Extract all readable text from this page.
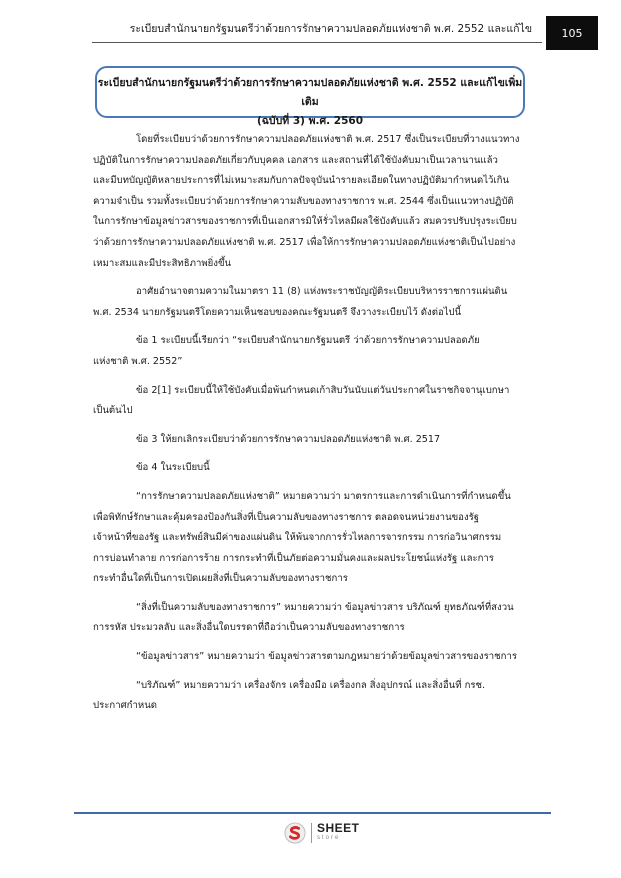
ระเบียบสำนักนายกรัฐมนตรีว่าด้วยการรักษาความปลอดภัยแห่งชาติ พ.ศ. 2552 และแก้ไข	105
ระเบียบสำนักนายกรัฐมนตรีว่าด้วยการรักษาความปลอดภัยแห่งชาติ พ.ศ. 2552 และแก้ไขเพิ่มเติม
(ฉบับที่ 3) พ.ศ. 2560

โดยที่ระเบียบว่าด้วยการรักษาความปลอดภัยแห่งชาติ พ.ศ. 2517 ซึ่งเป็นระเบียบที่วางแนวทาง
ปฏิบัติในการรักษาความปลอดภัยเกี่ยวกับบุคคล เอกสาร และสถานที่ได้ใช้บังคับมาเป็นเวลานานแล้ว
และมีบทบัญญัติหลายประการที่ไม่เหมาะสมกับกาลปัจจุบันนำรายละเอียดในทางปฏิบัติมากำหนดไว้เกิน
ความจำเป็น รวมทั้งระเบียบว่าด้วยการรักษาความลับของทางราชการ พ.ศ. 2544 ซึ่งเป็นแนวทางปฏิบัติ
ในการรักษาข้อมูลข่าวสารของราชการที่เป็นเอกสารมิให้รั่วไหลมีผลใช้บังคับแล้ว สมควรปรับปรุงระเบียบ
ว่าด้วยการรักษาความปลอดภัยแห่งชาติ พ.ศ. 2517 เพื่อให้การรักษาความปลอดภัยแห่งชาติเป็นไปอย่าง
เหมาะสมและมีประสิทธิภาพยิ่งขึ้น

อาศัยอำนาจตามความในมาตรา 11 (8) แห่งพระราชบัญญัติระเบียบบริหารราชการแผ่นดิน
พ.ศ. 2534 นายกรัฐมนตรีโดยความเห็นชอบของคณะรัฐมนตรี จึงวางระเบียบไว้ ดังต่อไปนี้

ข้อ 1 ระเบียบนี้เรียกว่า “ระเบียบสำนักนายกรัฐมนตรี ว่าด้วยการรักษาความปลอดภัย
แห่งชาติ พ.ศ. 2552”

ข้อ 2[1] ระเบียบนี้ให้ใช้บังคับเมื่อพ้นกำหนดเก้าสิบวันนับแต่วันประกาศในราชกิจจานุเบกษา
เป็นต้นไป

ข้อ 3 ให้ยกเลิกระเบียบว่าด้วยการรักษาความปลอดภัยแห่งชาติ พ.ศ. 2517

ข้อ 4 ในระเบียบนี้

“การรักษาความปลอดภัยแห่งชาติ” หมายความว่า มาตรการและการดำเนินการที่กำหนดขึ้น
เพื่อพิทักษ์รักษาและคุ้มครองป้องกันสิ่งที่เป็นความลับของทางราชการ ตลอดจนหน่วยงานของรัฐ
เจ้าหน้าที่ของรัฐ และทรัพย์สินมีค่าของแผ่นดิน ให้พ้นจากการรั่วไหลการจารกรรม การก่อวินาศกรรม
การบ่อนทำลาย การก่อการร้าย การกระทำที่เป็นภัยต่อความมั่นคงและผลประโยชน์แห่งรัฐ และการ
กระทำอื่นใดที่เป็นการเปิดเผยสิ่งที่เป็นความลับของทางราชการ

“สิ่งที่เป็นความลับของทางราชการ” หมายความว่า ข้อมูลข่าวสาร บริภัณฑ์ ยุทธภัณฑ์ที่สงวน
การรหัส ประมวลลับ และสิ่งอื่นใดบรรดาที่ถือว่าเป็นความลับของทางราชการ

“ข้อมูลข่าวสาร” หมายความว่า ข้อมูลข่าวสารตามกฎหมายว่าด้วยข้อมูลข่าวสารของราชการ

“บริภัณฑ์” หมายความว่า เครื่องจักร เครื่องมือ เครื่องกล สิ่งอุปกรณ์ และสิ่งอื่นที่ กรช.
ประกาศกำหนด

SHEET
store
